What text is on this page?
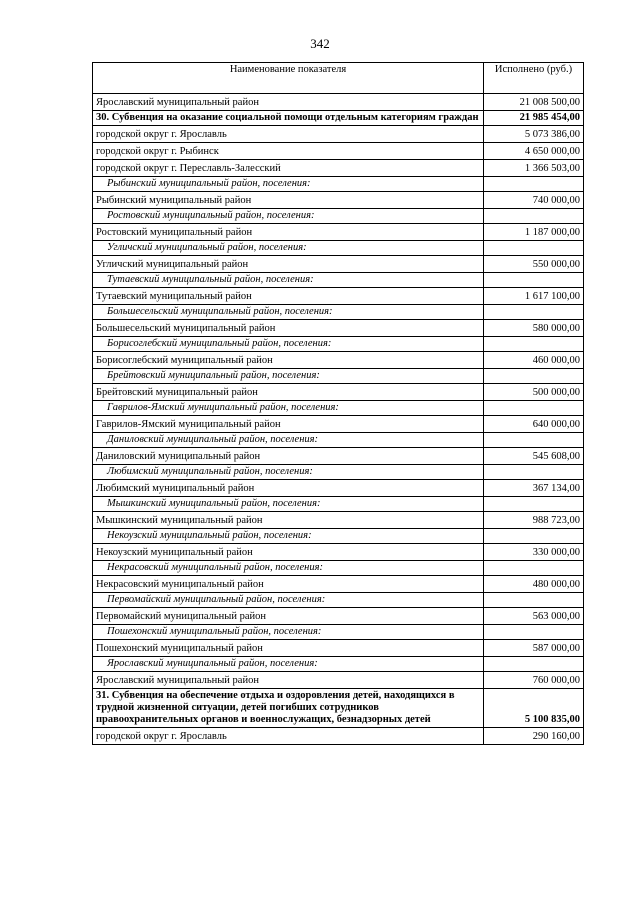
342
Наименование показателя	Исполнено (руб.)
Ярославский муниципальный район	21 008 500,00
30. Субвенция на оказание социальной помощи отдельным категориям граждан	21 985 454,00
городской округ г. Ярославль	5 073 386,00
городской округ г. Рыбинск	4 650 000,00
городской округ г. Переславль-Залесский	1 366 503,00
Рыбинский муниципальный район, поселения:	
Рыбинский муниципальный район	740 000,00
Ростовский муниципальный район, поселения:	
Ростовский муниципальный район	1 187 000,00
Угличский муниципальный район, поселения:	
Угличский муниципальный район	550 000,00
Тутаевский муниципальный район, поселения:	
Тутаевский муниципальный район	1 617 100,00
Большесельский муниципальный район, поселения:	
Большесельский муниципальный район	580 000,00
Борисоглебский муниципальный район, поселения:	
Борисоглебский муниципальный район	460 000,00
Брейтовский муниципальный район, поселения:	
Брейтовский муниципальный район	500 000,00
Гаврилов-Ямский муниципальный район, поселения:	
Гаврилов-Ямский муниципальный район	640 000,00
Даниловский муниципальный район, поселения:	
Даниловский муниципальный район	545 608,00
Любимский муниципальный район, поселения:	
Любимский муниципальный район	367 134,00
Мышкинский муниципальный район, поселения:	
Мышкинский муниципальный район	988 723,00
Некоузский муниципальный район, поселения:	
Некоузский муниципальный район	330 000,00
Некрасовский муниципальный район, поселения:	
Некрасовский муниципальный район	480 000,00
Первомайский муниципальный район, поселения:	
Первомайский муниципальный район	563 000,00
Пошехонский муниципальный район, поселения:	
Пошехонский муниципальный район	587 000,00
Ярославский муниципальный район, поселения:	
Ярославский муниципальный район	760 000,00
31. Субвенция на обеспечение отдыха и оздоровления детей, находящихся в трудной жизненной ситуации, детей погибших сотрудников правоохранительных органов и военнослужащих, безнадзорных детей	5 100 835,00
городской округ г. Ярославль	290 160,00
